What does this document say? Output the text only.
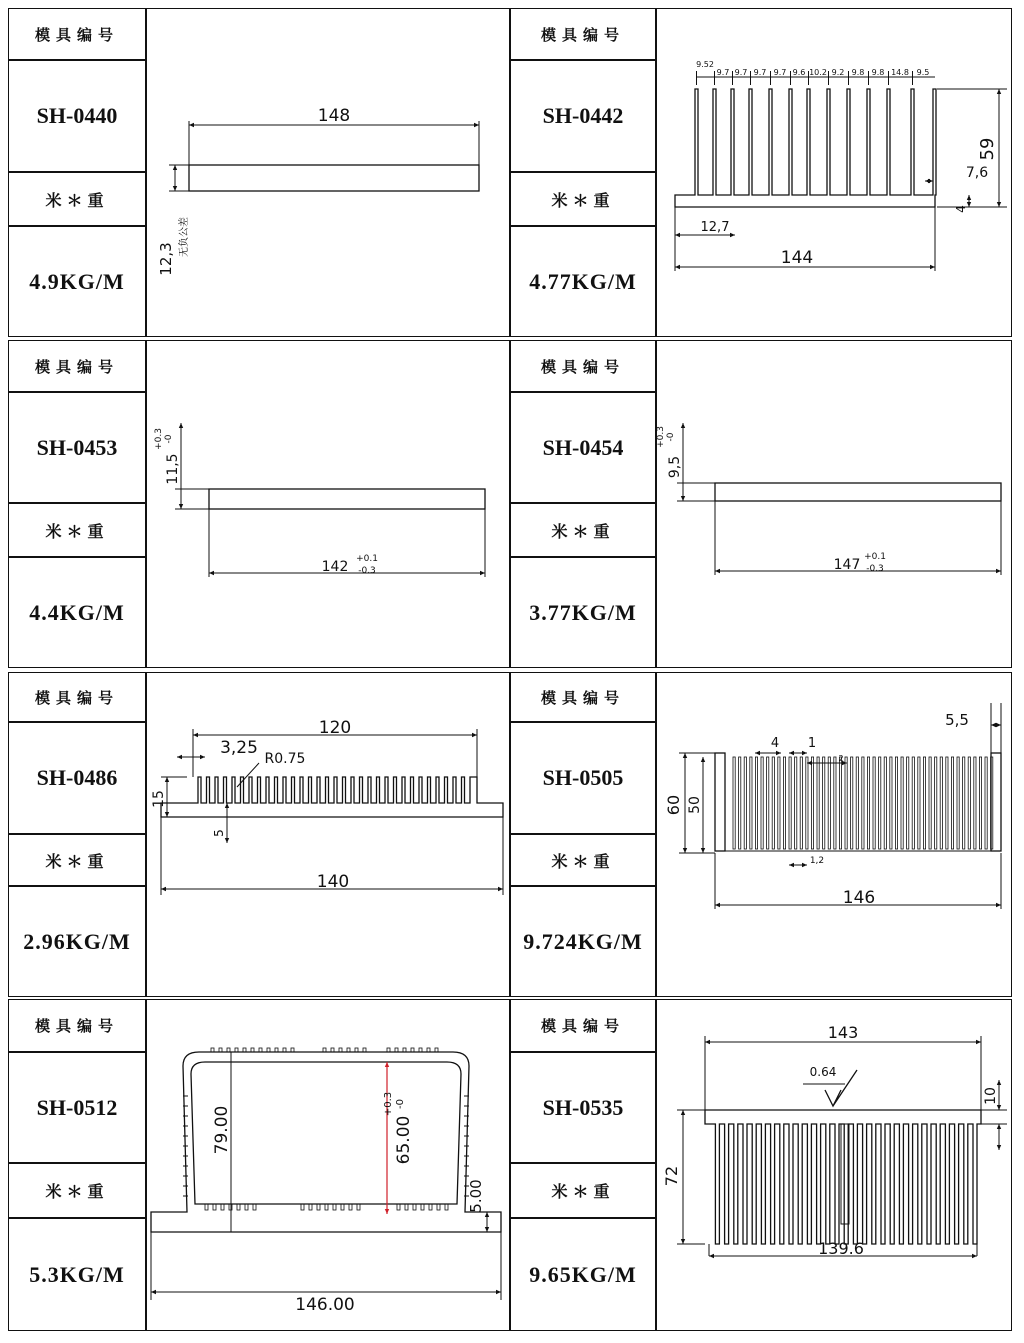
模具编号
SH-0440
米＊重
4.9KG/M
148
12,3
无负公差
模具编号
SH-0442
米＊重
4.77KG/M
9.52
9.7 9.7 9.7 9.7 9.6 10.2 9.2 9.8 9.8 14.8 9.5
59
7,6
4
12,7
144
模具编号
SH-0453
米＊重
4.4KG/M
11,5
+0.3 -0
142 +0.1
-0.3
模具编号
SH-0454
米＊重
3.77KG/M
9,5
+0.3 -0
147 +0.1
-0.3
模具编号
SH-0486
米＊重
2.96KG/M
120
3,25
R0.75
15
5
140
模具编号
SH-0505
米＊重
9.724KG/M
5,5
4 1
2
60 50
1,2
146
模具编号
SH-0512
米＊重
5.3KG/M
79.00	65.00
+0.3 -0
5.00
146.00
模具编号
SH-0535
米＊重
9.65KG/M
143
0.64
10
72
139.6
